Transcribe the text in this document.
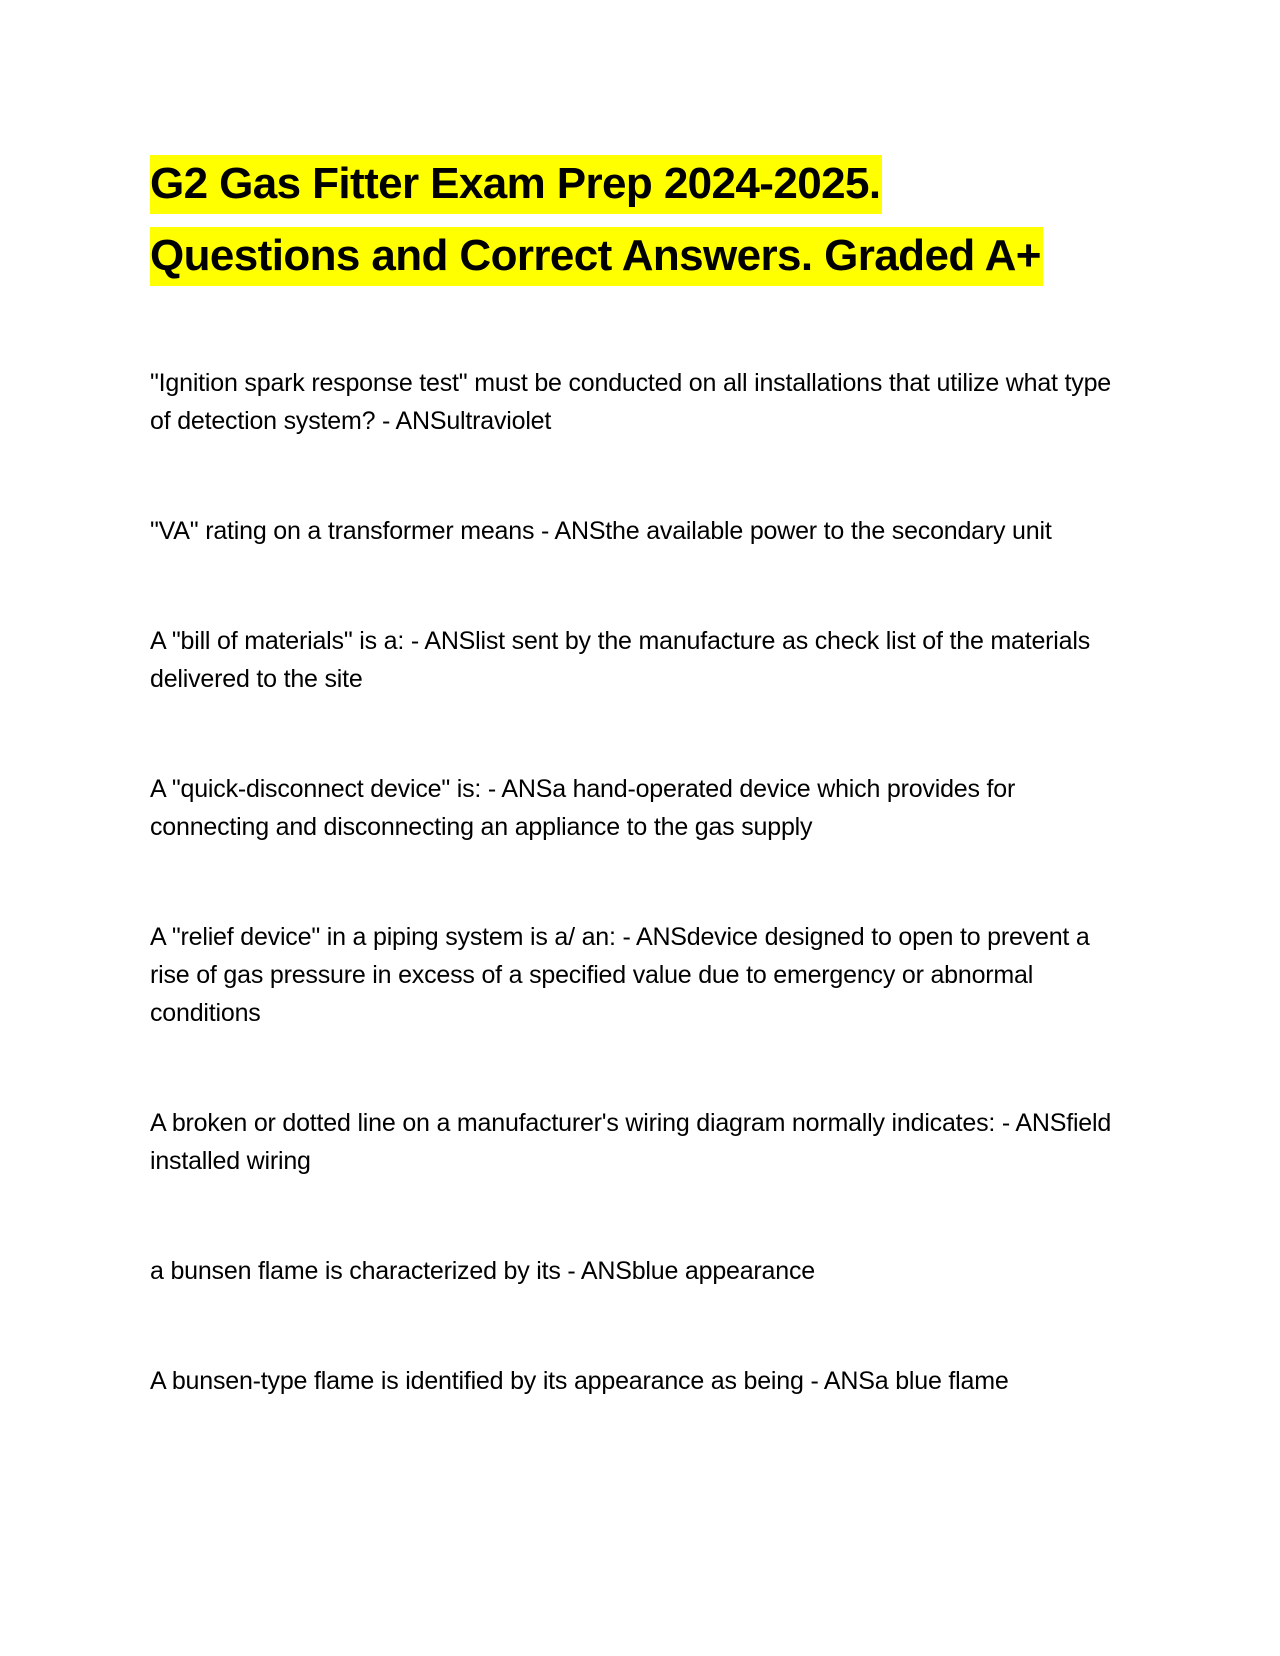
G2 Gas Fitter Exam Prep 2024-2025.
Questions and Correct Answers. Graded A+

"Ignition spark response test" must be conducted on all installations that utilize what type of detection system? - ANSultraviolet

"VA" rating on a transformer means - ANSthe available power to the secondary unit

A "bill of materials" is a: - ANSlist sent by the manufacture as check list of the materials delivered to the site

A "quick-disconnect device" is: - ANSa hand-operated device which provides for connecting and disconnecting an appliance to the gas supply

A "relief device" in a piping system is a/ an: - ANSdevice designed to open to prevent a rise of gas pressure in excess of a specified value due to emergency or abnormal conditions

A broken or dotted line on a manufacturer's wiring diagram normally indicates: - ANSfield installed wiring

a bunsen flame is characterized by its - ANSblue appearance

A bunsen-type flame is identified by its appearance as being - ANSa blue flame
